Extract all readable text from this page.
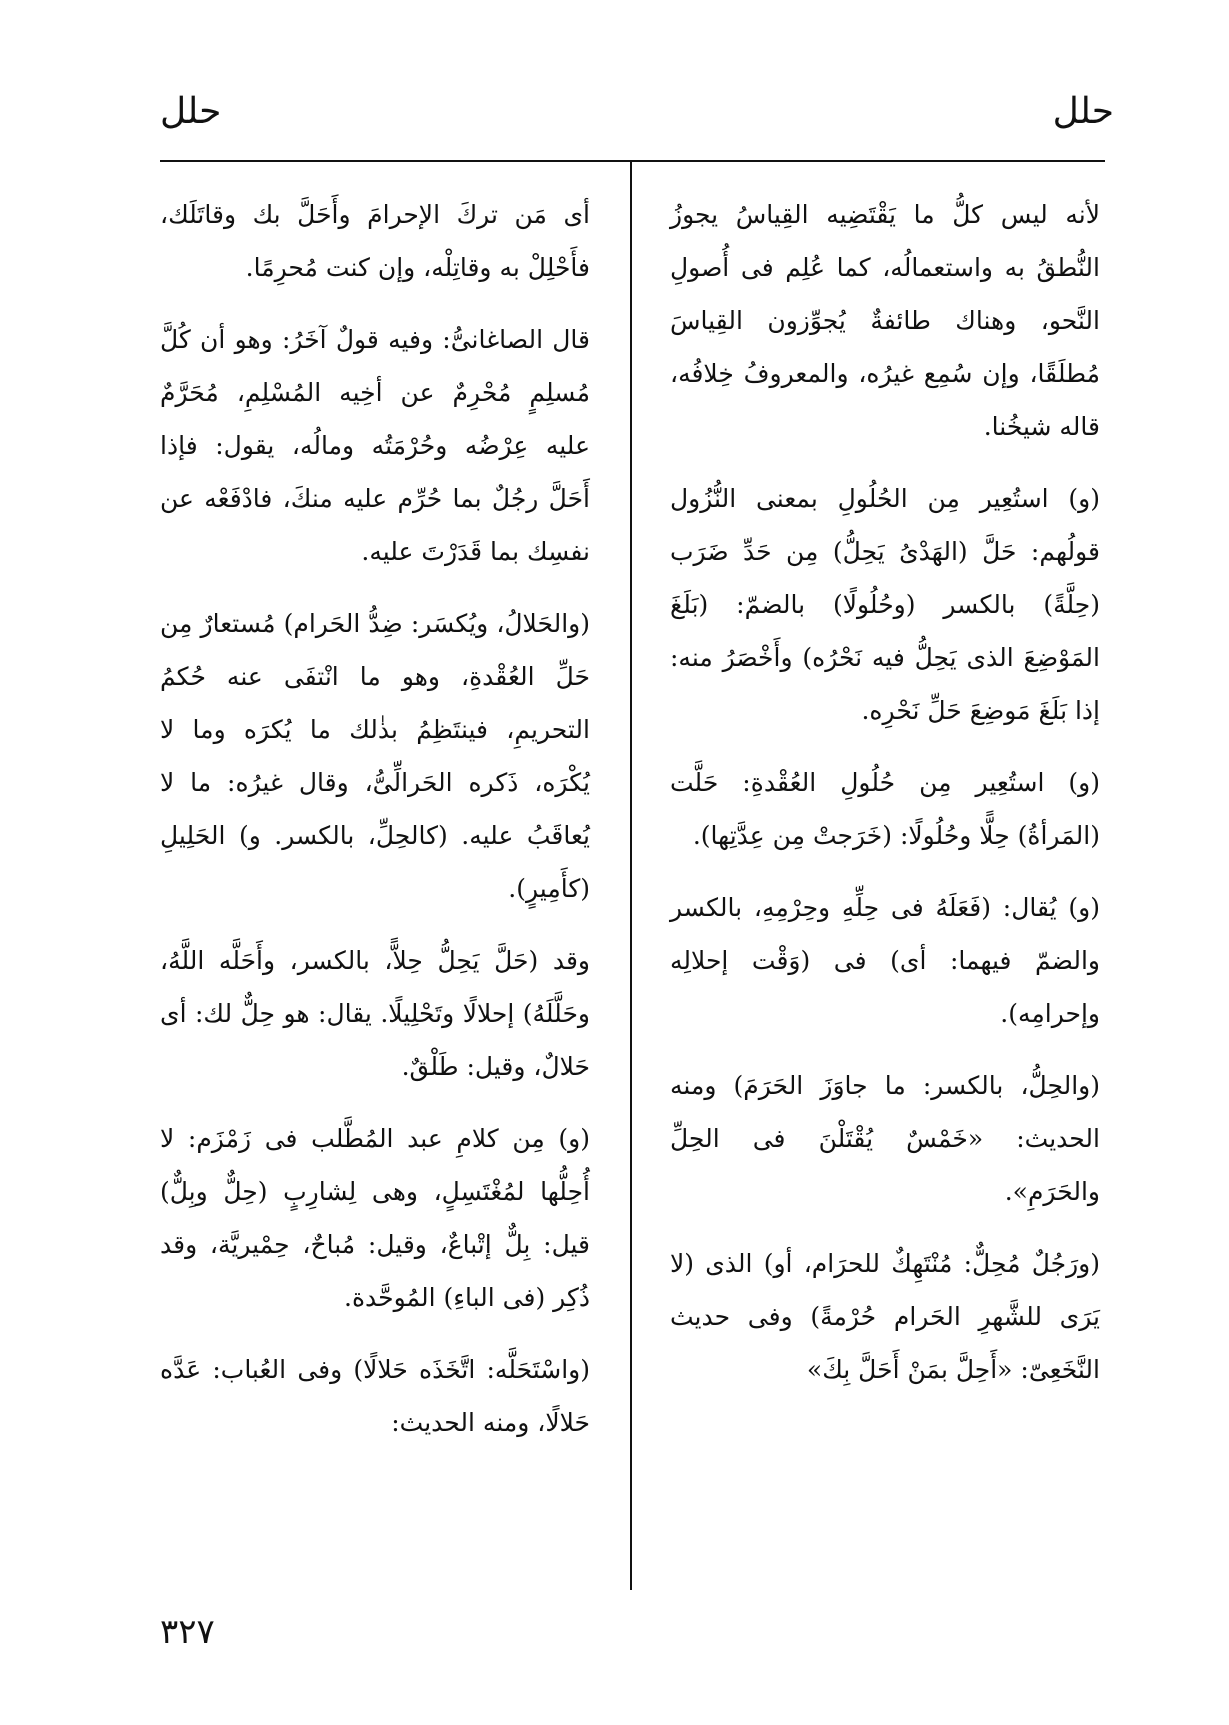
حلل
حلل

لأنه ليس كلُّ ما يَقْتَضِيه القِياسُ يجوزُ النُّطقُ به واستعمالُه، كما عُلِم فى أُصولِ النَّحو، وهناك طائفةٌ يُجوِّزون القِياسَ مُطلَقًا، وإن سُمِع غيرُه، والمعروفُ خِلافُه، قاله شيخُنا.

(و) استُعِير مِن الحُلُولِ بمعنى النُّزُول قولُهم: حَلَّ (الهَدْىُ يَحِلُّ) مِن حَدِّ ضَرَب (حِلَّةً) بالكسر (وحُلُولًا) بالضمّ: (بَلَغَ المَوْضِعَ الذى يَحِلُّ فيه نَحْرُه) وأَخْصَرُ منه: إذا بَلَغَ مَوضِعَ حَلِّ نَحْرِه.

(و) استُعِير مِن حُلُولِ العُقْدةِ: حَلَّت (المَرأةُ) حِلًّا وحُلُولًا: (خَرَجتْ مِن عِدَّتِها).

(و) يُقال: (فَعَلَهُ فى حِلِّهِ وحِرْمِهِ، بالكسر والضمّ فيهما: أى) فى (وَقْت إحلالِه وإحرامِه).

(والحِلُّ، بالكسر: ما جاوَزَ الحَرَمَ) ومنه الحديث: «خَمْسٌ يُقْتَلْنَ فى الحِلِّ والحَرَمِ».

(ورَجُلٌ مُحِلٌّ: مُنْتَهِكٌ للحرَام، أو) الذى (لا يَرَى للشَّهرِ الحَرام حُرْمةً) وفى حديث النَّخَعِىّ: «أَحِلَّ بمَنْ أَحَلَّ بِكَ»

أى مَن تركَ الإحرامَ وأَحَلَّ بك وقاتَلَك، فأَحْلِلْ به وقاتِلْه، وإن كنت مُحرِمًا.

قال الصاغانىُّ: وفيه قولٌ آخَرُ: وهو أن كُلَّ مُسلِمٍ مُحْرِمٌ عن أخِيه المُسْلِمِ، مُحَرَّمٌ عليه عِرْضُه وحُرْمَتُه ومالُه، يقول: فإذا أَحَلَّ رجُلٌ بما حُرِّم عليه منكَ، فادْفَعْه عن نفسِك بما قَدَرْتَ عليه.

(والحَلالُ، ويُكسَر: ضِدُّ الحَرام) مُستعارٌ مِن حَلِّ العُقْدةِ، وهو ما انْتفَى عنه حُكمُ التحريمِ، فينتَظِمُ بذٰلك ما يُكرَه وما لا يُكْرَه، ذَكره الحَرالِّىُّ، وقال غيرُه: ما لا يُعاقَبُ عليه. (كالحِلِّ، بالكسر. و) الحَلِيلِ (كأَمِيرٍ).

وقد (حَلَّ يَحِلُّ حِلاًّ، بالكسر، وأَحَلَّه اللَّهُ، وحَلَّلَهُ) إحلالًا وتَحْلِيلًا. يقال: هو حِلٌّ لك: أى حَلالٌ، وقيل: طَلْقٌ.

(و) مِن كلامِ عبد المُطَّلب فى زَمْزَم: لا أُحِلُّها لمُغْتَسِلٍ، وهى لِشارِبٍ (حِلٌّ وبِلٌّ) قيل: بِلٌّ إتْباعٌ، وقيل: مُباحٌ، حِمْيريَّة، وقد ذُكِر (فى الباءِ) المُوحَّدة.

(واسْتَحَلَّه: اتَّخَذَه حَلالًا) وفى العُباب: عَدَّه حَلالًا، ومنه الحديث:

٣٢٧
